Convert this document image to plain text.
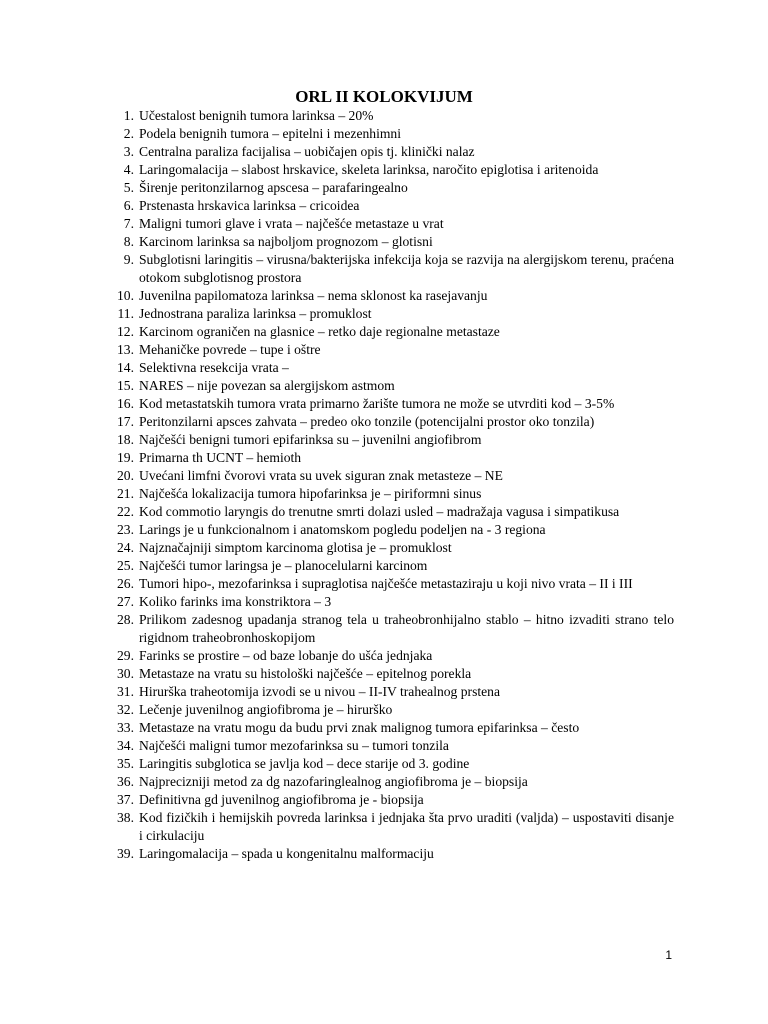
ORL II KOLOKVIJUM
1. Učestalost benignih tumora larinksa – 20%
2. Podela benignih tumora – epitelni i mezenhimni
3. Centralna paraliza facijalisa – uobičajen opis tj. klinički nalaz
4. Laringomalacija – slabost hrskavice, skeleta larinksa, naročito epiglotisa i aritenoida
5. Širenje peritonzilarnog apscesa – parafaringealno
6. Prstenasta hrskavica larinksa – cricoidea
7. Maligni tumori glave i vrata – najčešće metastaze u vrat
8. Karcinom larinksa sa najboljom prognozom – glotisni
9. Subglotisni laringitis – virusna/bakterijska infekcija koja se razvija na alergijskom terenu, praćena otokom subglotisnog prostora
10. Juvenilna papilomatoza larinksa – nema sklonost ka rasejavanju
11. Jednostrana paraliza larinksa – promuklost
12. Karcinom ograničen na glasnice – retko daje regionalne metastaze
13. Mehaničke povrede – tupe i oštre
14. Selektivna resekcija vrata –
15. NARES – nije povezan sa alergijskom astmom
16. Kod metastatskih tumora vrata primarno žarište tumora ne može se utvrditi kod – 3-5%
17. Peritonzilarni apsces zahvata – predeo oko tonzile (potencijalni prostor oko tonzila)
18. Najčešći benigni tumori epifarinksa su – juvenilni angiofibrom
19. Primarna th UCNT – hemioth
20. Uvećani limfni čvorovi vrata su uvek siguran znak metasteze – NE
21. Najčešća lokalizacija tumora hipofarinksa je – piriformni sinus
22. Kod commotio laryngis do trenutne smrti dolazi usled – madražaja vagusa i simpatikusa
23. Larings je u funkcionalnom i anatomskom pogledu podeljen na - 3 regiona
24. Najznačajniji simptom karcinoma glotisa je – promuklost
25. Najčešći tumor laringsa je – planocelularni karcinom
26. Tumori hipo-, mezofarinksa i supraglotisa najčešće metastaziraju u koji nivo vrata – II i III
27. Koliko farinks ima konstriktora – 3
28. Prilikom zadesnog upadanja stranog tela u traheobronhijalno stablo – hitno izvaditi strano telo rigidnom traheobronhoskopijom
29. Farinks se prostire – od baze lobanje do ušća jednjaka
30. Metastaze na vratu su histološki najčešće – epitelnog porekla
31. Hirurška traheotomija izvodi se u nivou – II-IV trahealnog prstena
32. Lečenje juvenilnog angiofibroma je – hirurško
33. Metastaze na vratu mogu da budu prvi znak malignog tumora epifarinksa – često
34. Najčešći maligni tumor mezofarinksa su – tumori tonzila
35. Laringitis subglotica se javlja kod – dece starije od 3. godine
36. Najprecizniji metod za dg nazofaringlealnog angiofibroma je – biopsija
37. Definitivna gd juvenilnog angiofibroma je - biopsija
38. Kod fizičkih i hemijskih povreda larinksa i jednjaka šta prvo uraditi (valjda) – uspostaviti disanje i cirkulaciju
39. Laringomalacija – spada u kongenitalnu malformaciju
1
